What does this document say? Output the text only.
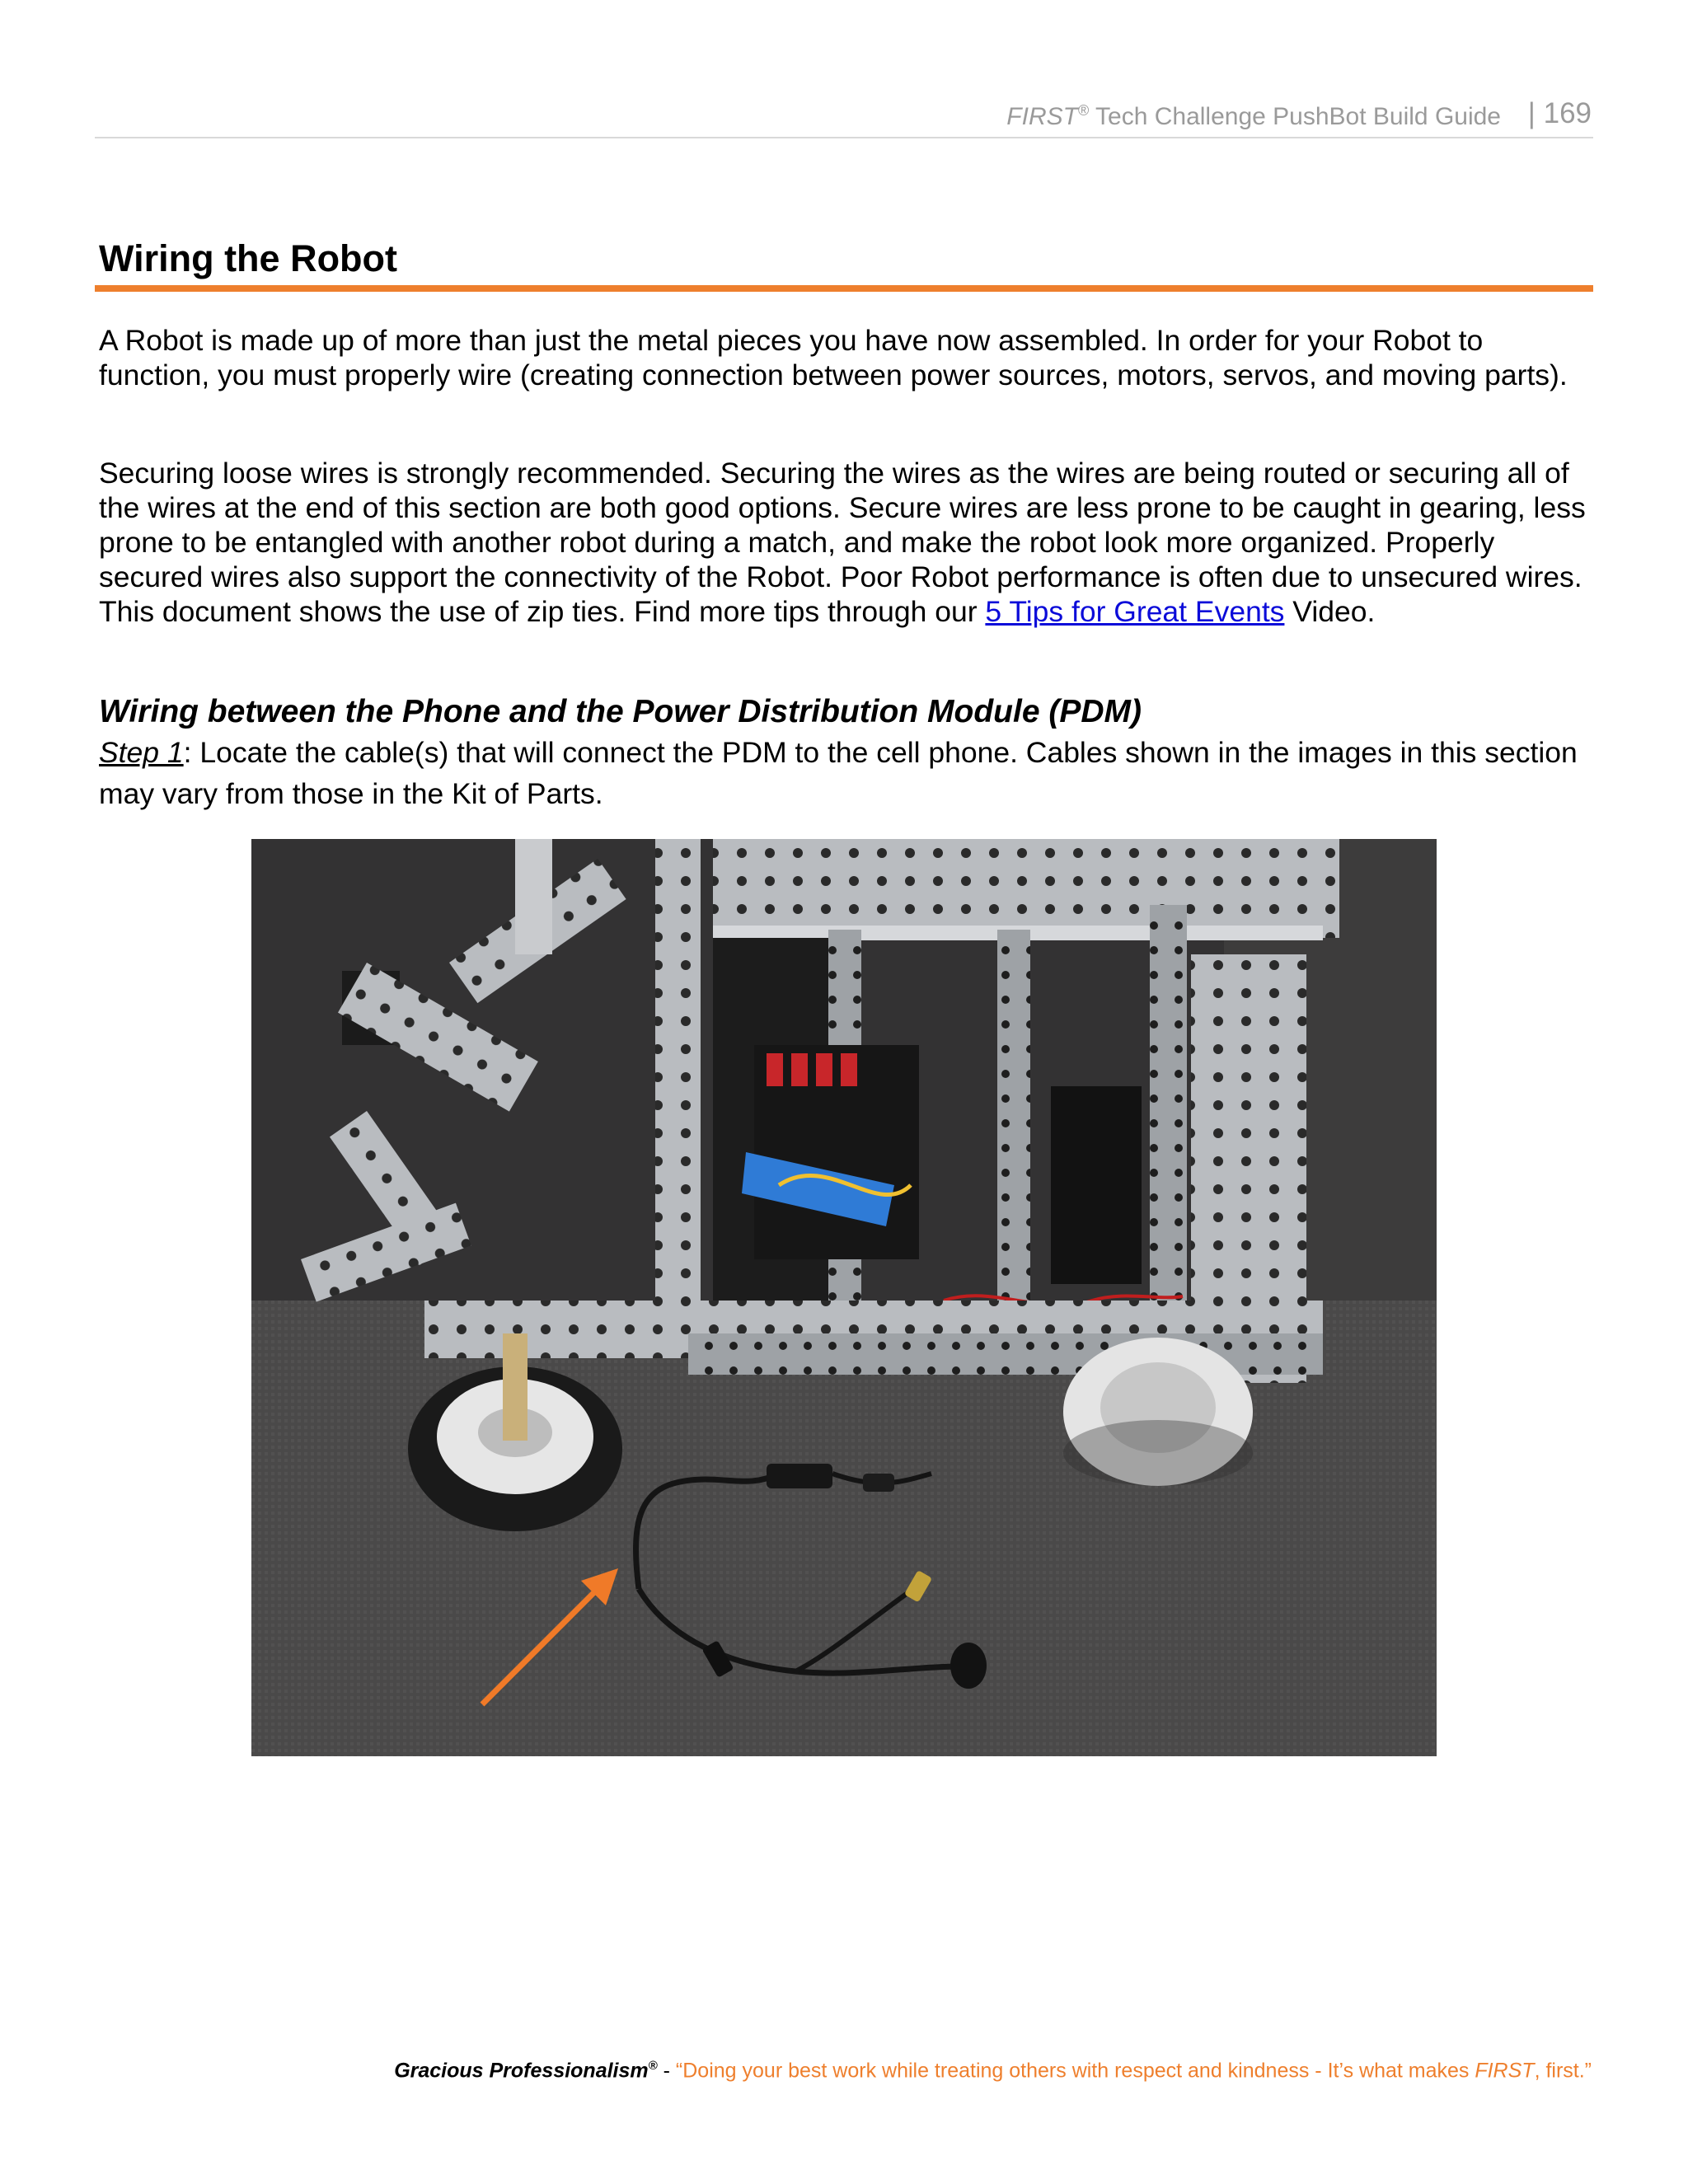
FIRST® Tech Challenge PushBot Build Guide | 169
Wiring the Robot

A Robot is made up of more than just the metal pieces you have now assembled. In order for your Robot to function, you must properly wire (creating connection between power sources, motors, servos, and moving parts).

Securing loose wires is strongly recommended. Securing the wires as the wires are being routed or securing all of the wires at the end of this section are both good options. Secure wires are less prone to be caught in gearing, less prone to be entangled with another robot during a match, and make the robot look more organized. Properly secured wires also support the connectivity of the Robot. Poor Robot performance is often due to unsecured wires. This document shows the use of zip ties. Find more tips through our 5 Tips for Great Events Video.

Wiring between the Phone and the Power Distribution Module (PDM)

Step 1: Locate the cable(s) that will connect the PDM to the cell phone. Cables shown in the images in this section may vary from those in the Kit of Parts.

Gracious Professionalism® - “Doing your best work while treating others with respect and kindness - It’s what makes FIRST, first.”
